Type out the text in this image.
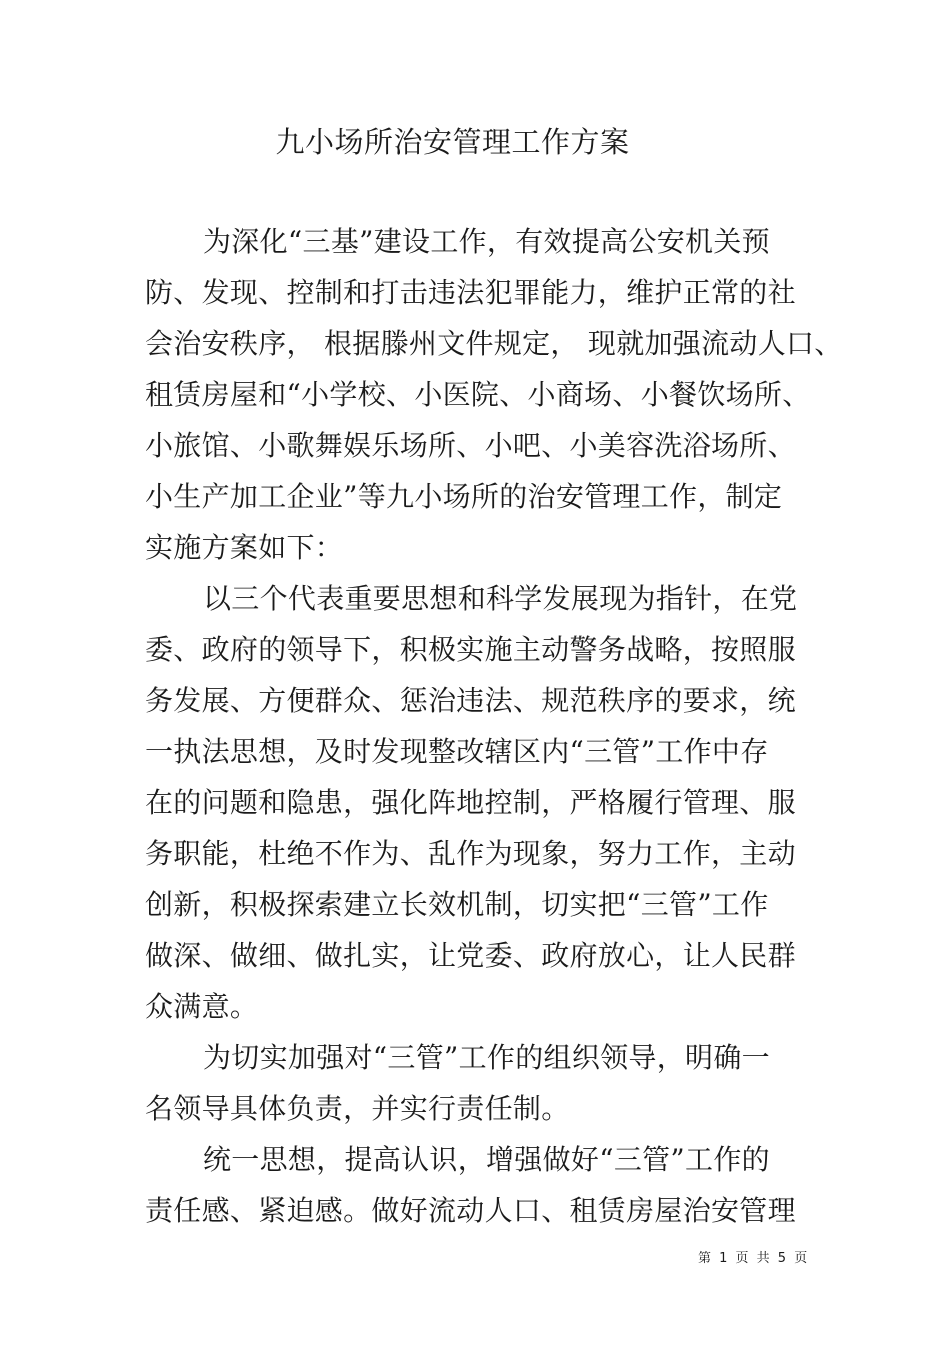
九小场所治安管理工作方案
为深化“三基”建设工作，有效提高公安机关预
防、发现、控制和打击违法犯罪能力，维护正常的社
会治安秩序， 根据滕州文件规定， 现就加强流动人口、
租赁房屋和“小学校、小医院、小商场、小餐饮场所、
小旅馆、小歌舞娱乐场所、小吧、小美容洗浴场所、
小生产加工企业”等九小场所的治安管理工作，制定
实施方案如下：
以三个代表重要思想和科学发展现为指针，在党
委、政府的领导下，积极实施主动警务战略，按照服
务发展、方便群众、惩治违法、规范秩序的要求，统
一执法思想，及时发现整改辖区内“三管”工作中存
在的问题和隐患，强化阵地控制，严格履行管理、服
务职能，杜绝不作为、乱作为现象，努力工作，主动
创新，积极探索建立长效机制，切实把“三管”工作
做深、做细、做扎实，让党委、政府放心，让人民群
众满意。
为切实加强对“三管”工作的组织领导，明确一
名领导具体负责，并实行责任制。
统一思想，提高认识，增强做好“三管”工作的
责任感、紧迫感。做好流动人口、租赁房屋治安管理
第 1 页 共 5 页
